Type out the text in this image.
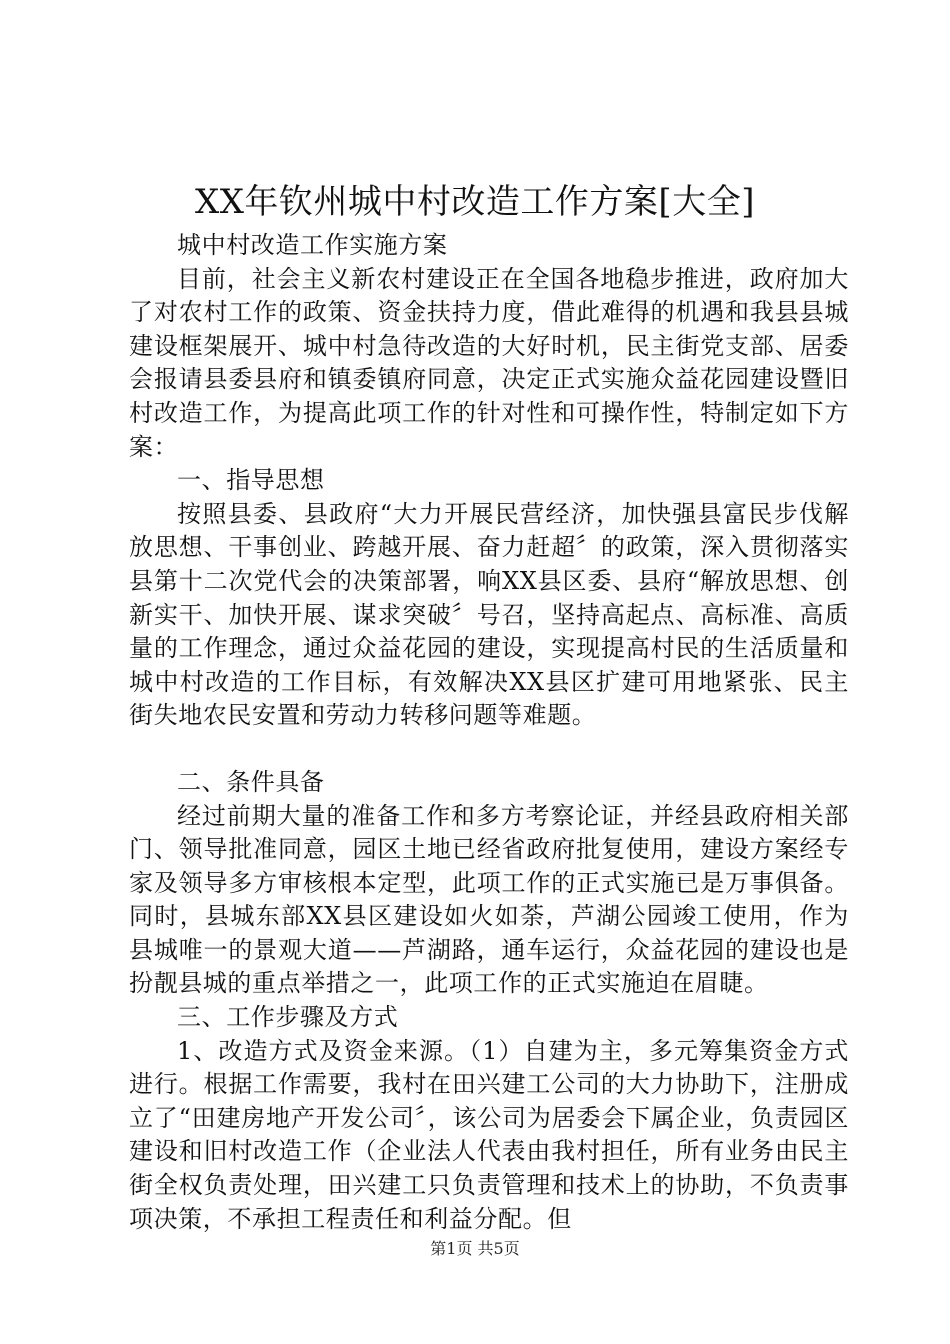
XX年钦州城中村改造工作方案[大全]

城中村改造工作实施方案

目前，社会主义新农村建设正在全国各地稳步推进，政府加大了对农村工作的政策、资金扶持力度，借此难得的机遇和我县县城建设框架展开、城中村急待改造的大好时机，民主街党支部、居委会报请县委县府和镇委镇府同意，决定正式实施众益花园建设暨旧村改造工作，为提高此项工作的针对性和可操作性，特制定如下方案：

一、指导思想

按照县委、县政府“大力开展民营经济，加快强县富民步伐解放思想、干事创业、跨越开展、奋力赶超〞的政策，深入贯彻落实县第十二次党代会的决策部署，响XX县区委、县府“解放思想、创新实干、加快开展、谋求突破〞号召，坚持高起点、高标准、高质量的工作理念，通过众益花园的建设，实现提高村民的生活质量和城中村改造的工作目标，有效解决XX县区扩建可用地紧张、民主街失地农民安置和劳动力转移问题等难题。

二、条件具备

经过前期大量的准备工作和多方考察论证，并经县政府相关部门、领导批准同意，园区土地已经省政府批复使用，建设方案经专家及领导多方审核根本定型，此项工作的正式实施已是万事俱备。同时，县城东部XX县区建设如火如荼，芦湖公园竣工使用，作为县城唯一的景观大道——芦湖路，通车运行，众益花园的建设也是扮靓县城的重点举措之一，此项工作的正式实施迫在眉睫。

三、工作步骤及方式

1、改造方式及资金来源。（1）自建为主，多元筹集资金方式进行。根据工作需要，我村在田兴建工公司的大力协助下，注册成立了“田建房地产开发公司〞，该公司为居委会下属企业，负责园区建设和旧村改造工作（企业法人代表由我村担任，所有业务由民主街全权负责处理，田兴建工只负责管理和技术上的协助，不负责事项决策，不承担工程责任和利益分配。但

第1页 共5页
